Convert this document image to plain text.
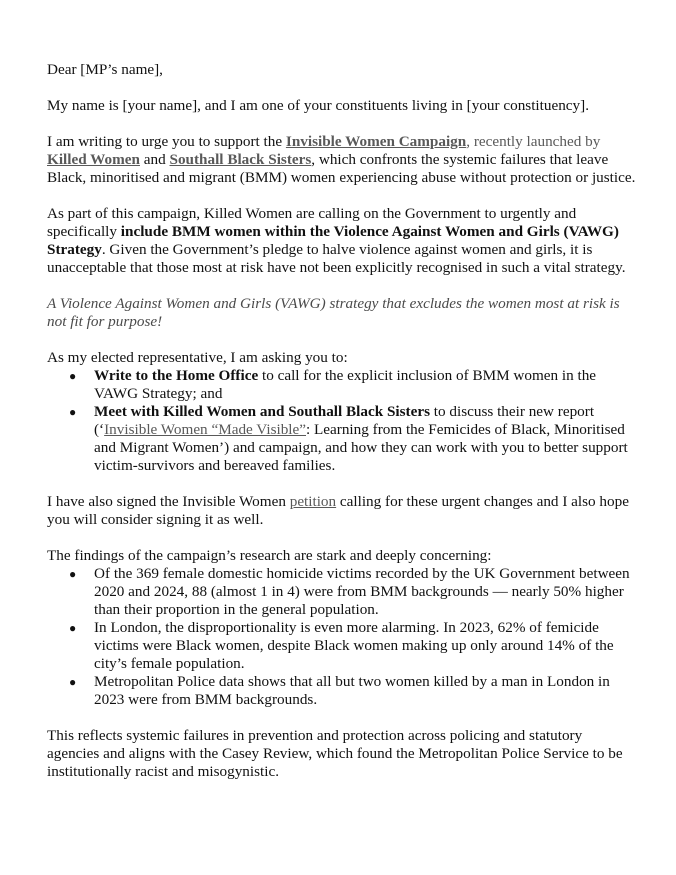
Dear [MP’s name],

My name is [your name], and I am one of your constituents living in [your constituency].

I am writing to urge you to support the Invisible Women Campaign, recently launched by Killed Women and Southall Black Sisters, which confronts the systemic failures that leave Black, minoritised and migrant (BMM) women experiencing abuse without protection or justice.

As part of this campaign, Killed Women are calling on the Government to urgently and specifically include BMM women within the Violence Against Women and Girls (VAWG) Strategy. Given the Government’s pledge to halve violence against women and girls, it is unacceptable that those most at risk have not been explicitly recognised in such a vital strategy.

A Violence Against Women and Girls (VAWG) strategy that excludes the women most at risk is not fit for purpose!

As my elected representative, I am asking you to:

● Write to the Home Office to call for the explicit inclusion of BMM women in the VAWG Strategy; and
● Meet with Killed Women and Southall Black Sisters to discuss their new report (‘Invisible Women “Made Visible”: Learning from the Femicides of Black, Minoritised and Migrant Women’) and campaign, and how they can work with you to better support victim-survivors and bereaved families.

I have also signed the Invisible Women petition calling for these urgent changes and I also hope you will consider signing it as well.

The findings of the campaign’s research are stark and deeply concerning:

● Of the 369 female domestic homicide victims recorded by the UK Government between 2020 and 2024, 88 (almost 1 in 4) were from BMM backgrounds — nearly 50% higher than their proportion in the general population.
● In London, the disproportionality is even more alarming. In 2023, 62% of femicide victims were Black women, despite Black women making up only around 14% of the city’s female population.
● Metropolitan Police data shows that all but two women killed by a man in London in 2023 were from BMM backgrounds.

This reflects systemic failures in prevention and protection across policing and statutory agencies and aligns with the Casey Review, which found the Metropolitan Police Service to be institutionally racist and misogynistic.
